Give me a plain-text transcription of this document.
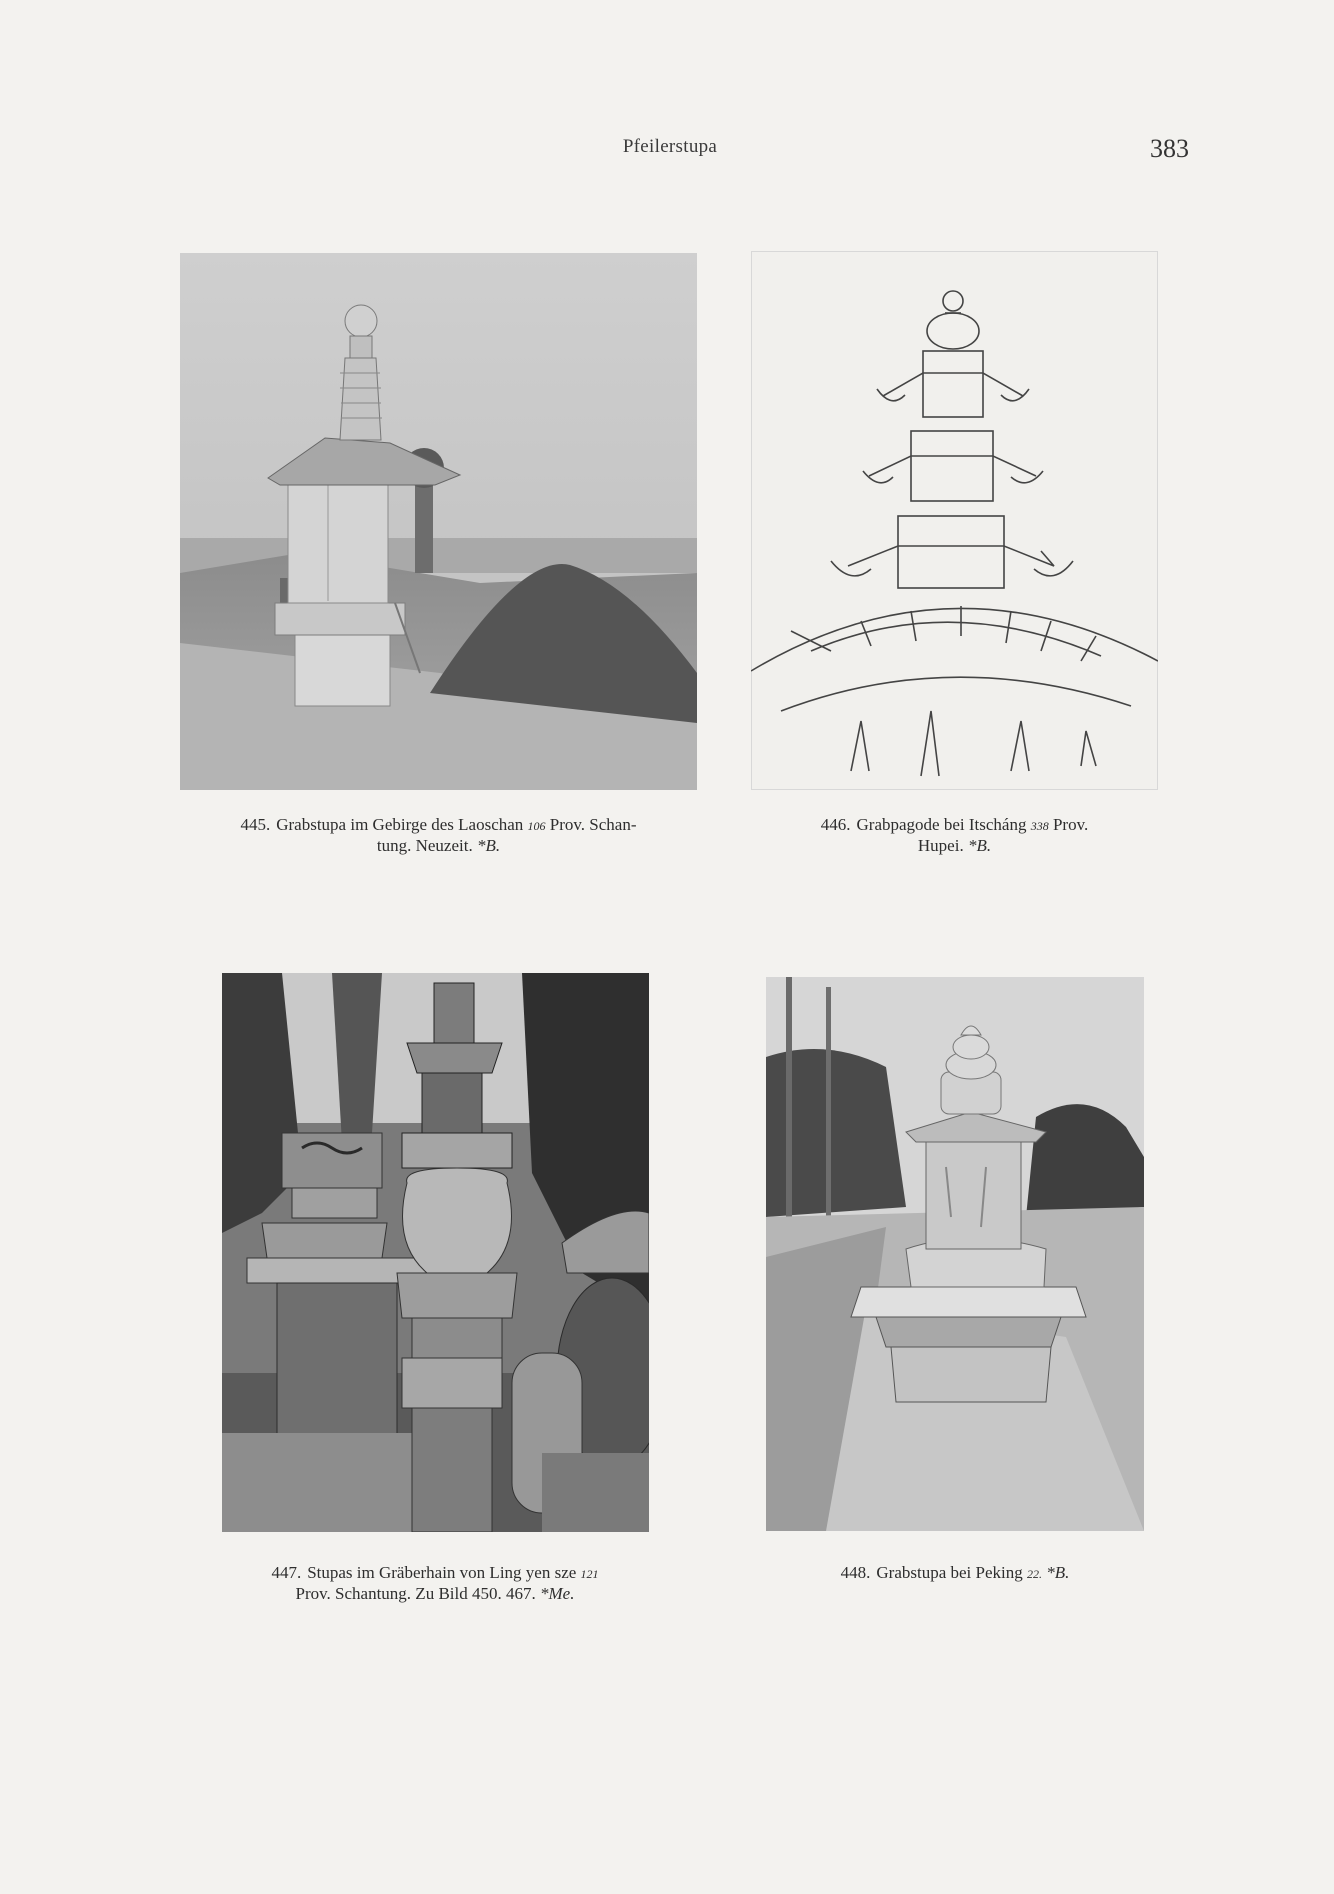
Pfeilerstupa	383
445. Grabstupa im Gebirge des Laoschan 106 Prov. Schan-
tung. Neuzeit. *B.
446. Grabpagode bei Itscháng 338 Prov.
Hupei. *B.
447. Stupas im Gräberhain von Ling yen sze 121
Prov. Schantung. Zu Bild 450. 467. *Me.
448. Grabstupa bei Peking 22. *B.
